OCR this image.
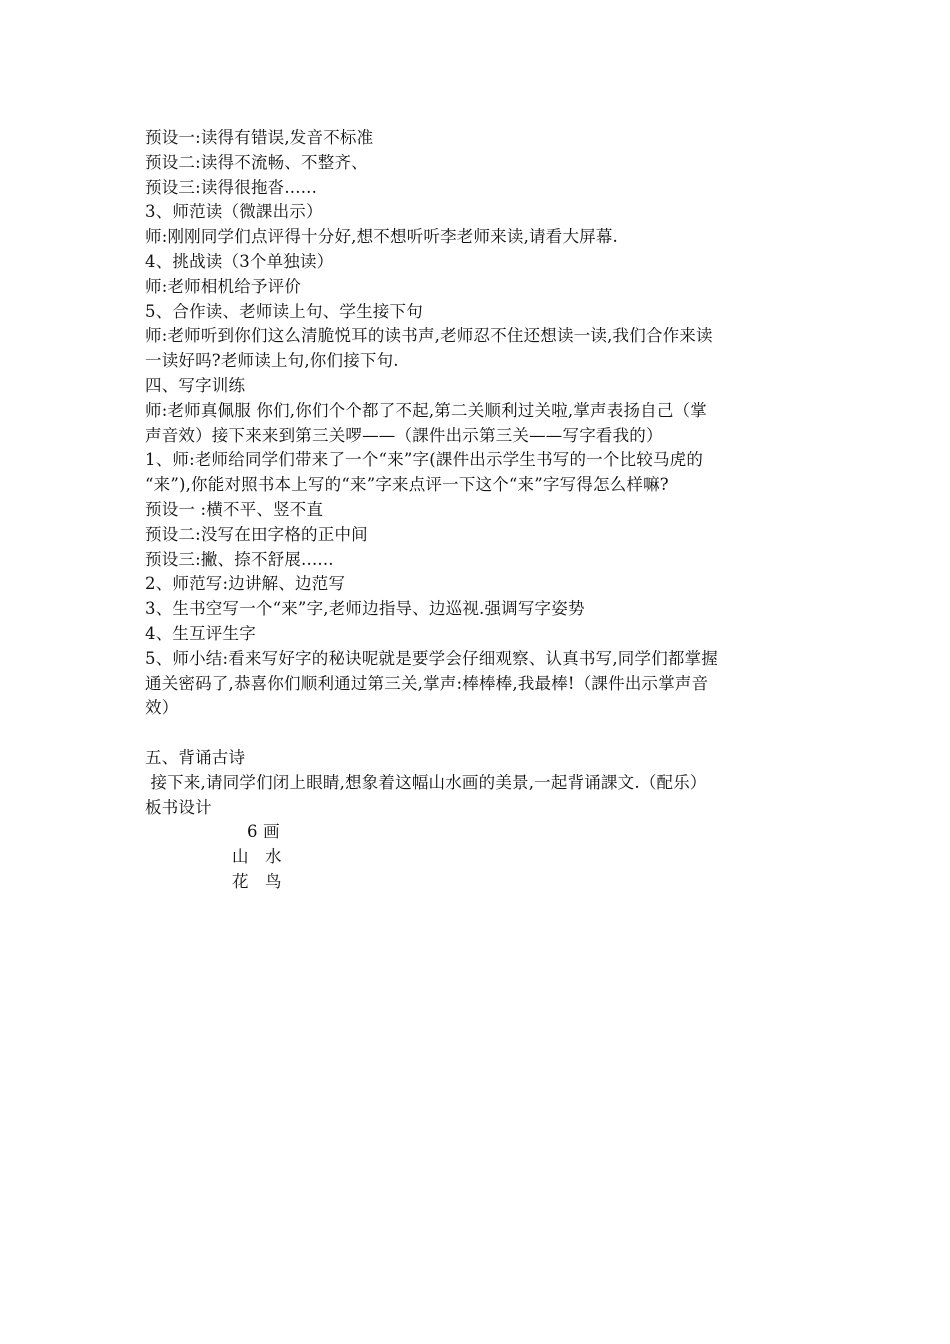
预设一:读得有错误,发音不标准
预设二:读得不流畅、不整齐、
预设三:读得很拖沓......
3、师范读（微課出示）
师:刚刚同学们点评得十分好,想不想听听李老师来读,请看大屏幕.
4、挑战读（3个单独读）
师:老师相机给予评价
5、合作读、老师读上句、学生接下句
师:老师听到你们这么清脆悦耳的读书声,老师忍不住还想读一读,我们合作来读
一读好吗?老师读上句,你们接下句.
四、写字训练
师:老师真佩服 你们,你们个个都了不起,第二关顺利过关啦,掌声表扬自己（掌
声音效）接下来来到第三关啰——（課件出示第三关——写字看我的）
1、师:老师给同学们带来了一个“来”字(課件出示学生书写的一个比较马虎的
“来”),你能对照书本上写的“来”字来点评一下这个“来”字写得怎么样嘛?
预设一 :横不平、竖不直
预设二:没写在田字格的正中间
预设三:撇、捺不舒展......
2、师范写:边讲解、边范写
3、生书空写一个“来”字,老师边指导、边巡视.强调写字姿势
4、生互评生字
5、师小结:看来写好字的秘诀呢就是要学会仔细观察、认真书写,同学们都掌握
通关密码了,恭喜你们顺利通过第三关,掌声:棒棒棒,我最棒!（課件出示掌声音
效）
五、背诵古诗
接下来,请同学们闭上眼睛,想象着这幅山水画的美景,一起背诵課文.（配乐）
板书设计
6 画
山   水
花   鸟
